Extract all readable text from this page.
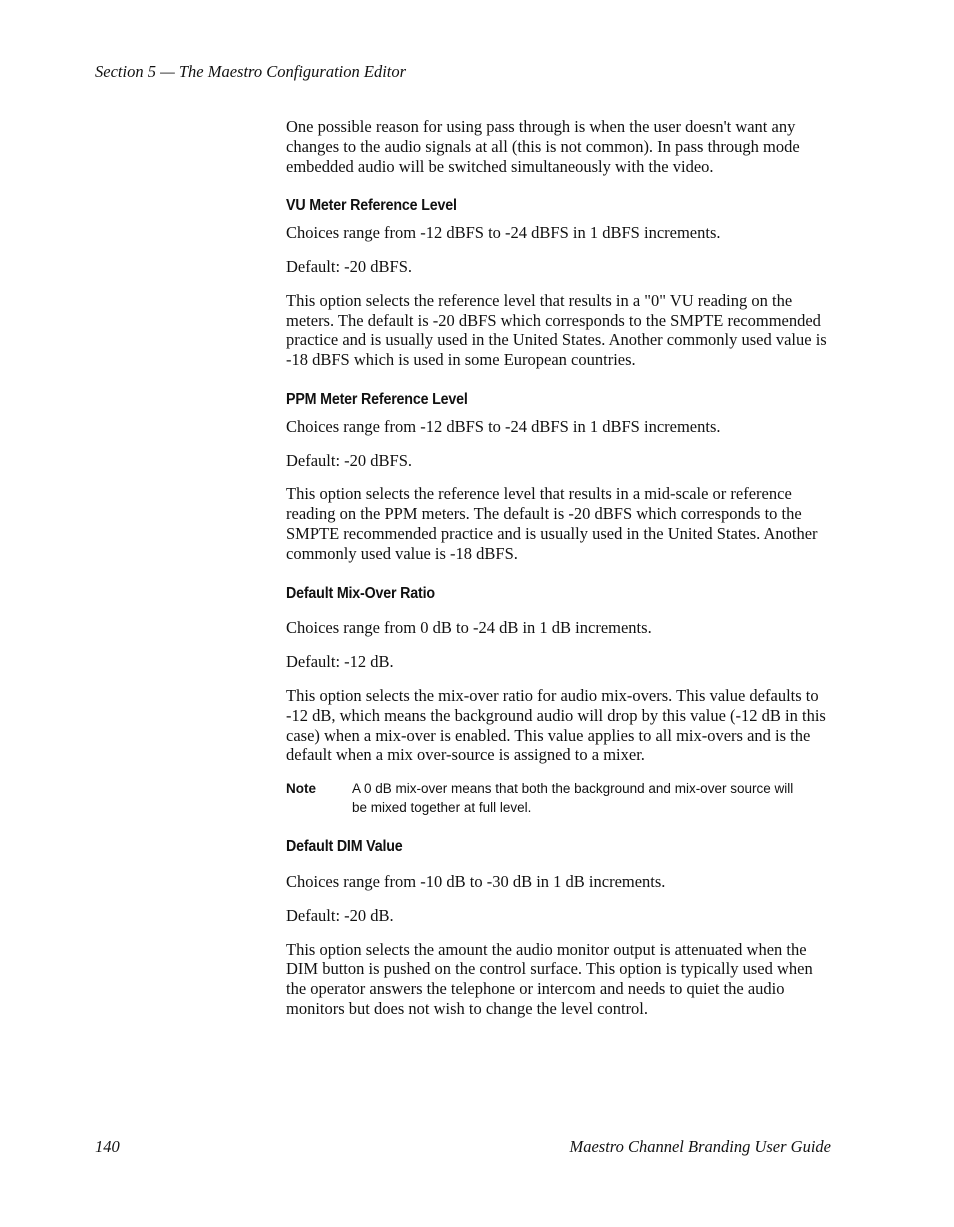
Section 5 — The Maestro Configuration Editor

One possible reason for using pass through is when the user doesn't want any changes to the audio signals at all (this is not common). In pass through mode embedded audio will be switched simultaneously with the video.

VU Meter Reference Level

Choices range from -12 dBFS to -24 dBFS in 1 dBFS increments.

Default: -20 dBFS.

This option selects the reference level that results in a "0" VU reading on the meters. The default is -20 dBFS which corresponds to the SMPTE recommended practice and is usually used in the United States. Another commonly used value is -18 dBFS which is used in some European countries.

PPM Meter Reference Level

Choices range from -12 dBFS to -24 dBFS in 1 dBFS increments.

Default: -20 dBFS.

This option selects the reference level that results in a mid-scale or reference reading on the PPM meters. The default is -20 dBFS which corresponds to the SMPTE recommended practice and is usually used in the United States. Another commonly used value is -18 dBFS.

Default Mix-Over Ratio

Choices range from 0 dB to -24 dB in 1 dB increments.

Default: -12 dB.

This option selects the mix-over ratio for audio mix-overs. This value defaults to -12 dB, which means the background audio will drop by this value (-12 dB in this case) when a mix-over is enabled. This value applies to all mix-overs and is the default when a mix over-source is assigned to a mixer.

Note	A 0 dB mix-over means that both the background and mix-over source will be mixed together at full level.
Default DIM Value

Choices range from -10 dB to -30 dB in 1 dB increments.

Default: -20 dB.

This option selects the amount the audio monitor output is attenuated when the DIM button is pushed on the control surface. This option is typically used when the operator answers the telephone or intercom and needs to quiet the audio monitors but does not wish to change the level control.

140	Maestro Channel Branding User Guide
